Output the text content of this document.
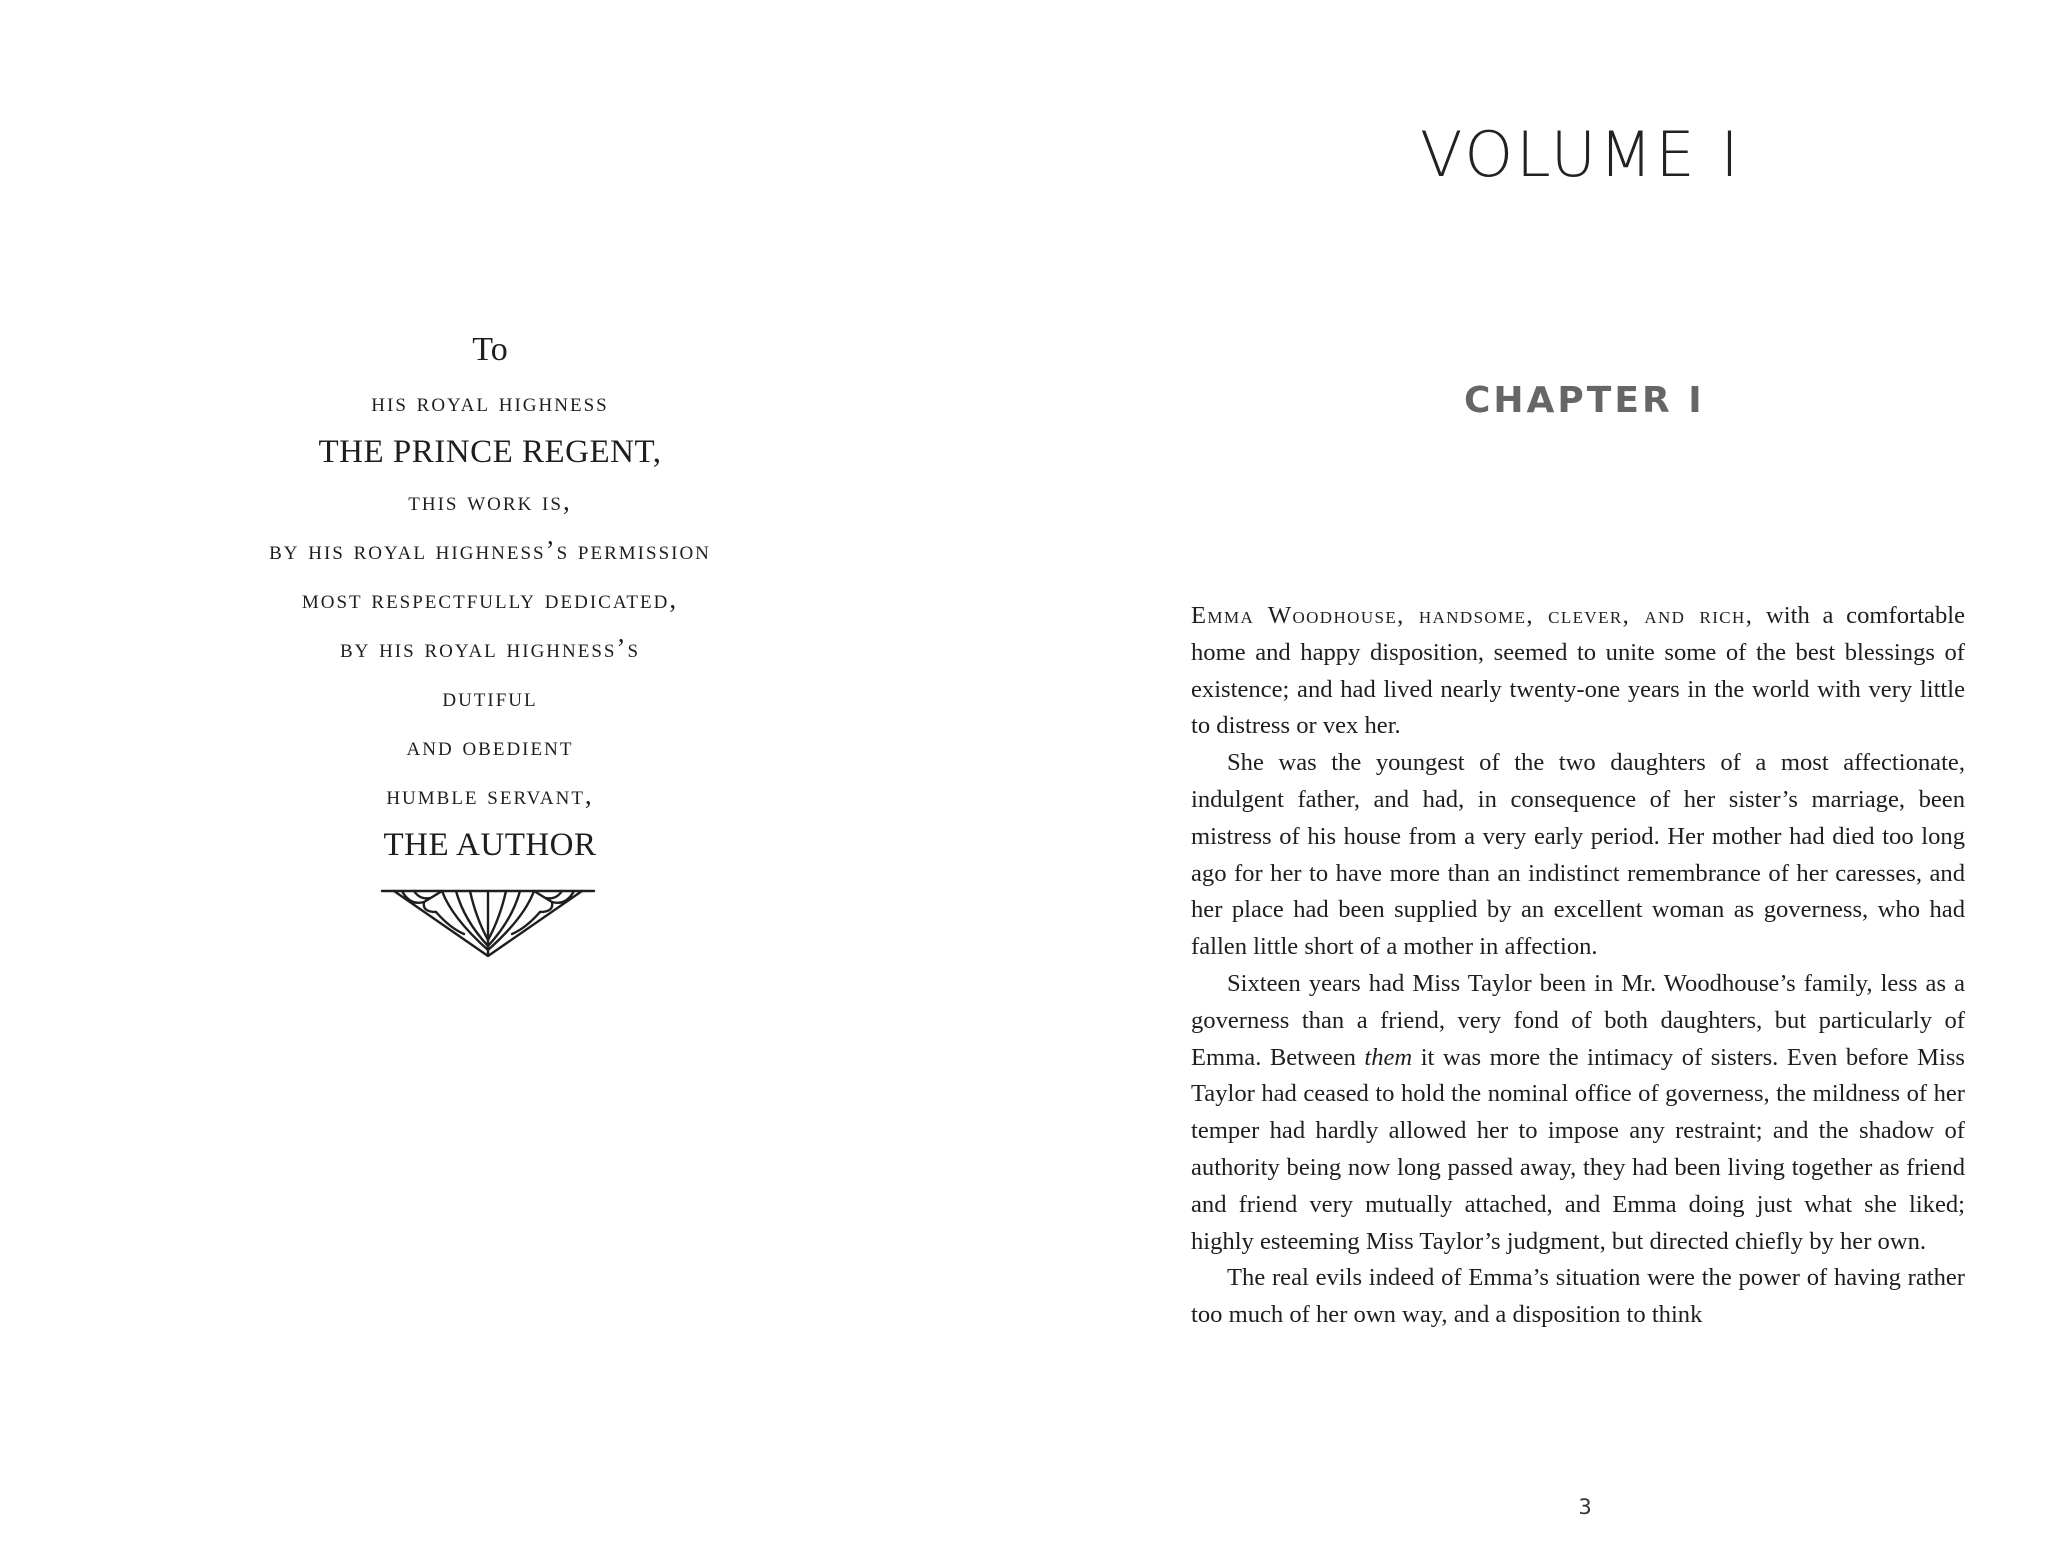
To
his royal highness
THE PRINCE REGENT,
this work is,
by his royal highness’s permission
most respectfully dedicated,
by his royal highness’s
dutiful
and obedient
humble servant,
THE AUTHOR
VOLUME I
CHAPTER I

Emma Woodhouse, handsome, clever, and rich, with a comfortable home and happy disposition, seemed to unite some of the best blessings of existence; and had lived nearly twenty-one years in the world with very little to distress or vex her.

She was the youngest of the two daughters of a most affectionate, indulgent father, and had, in consequence of her sister’s marriage, been mistress of his house from a very early period. Her mother had died too long ago for her to have more than an indistinct remembrance of her caresses, and her place had been supplied by an excellent woman as governess, who had fallen little short of a mother in affection.

Sixteen years had Miss Taylor been in Mr. Woodhouse’s family, less as a governess than a friend, very fond of both daughters, but particularly of Emma. Between them it was more the intimacy of sisters. Even before Miss Taylor had ceased to hold the nominal office of governess, the mildness of her temper had hardly allowed her to impose any restraint; and the shadow of authority being now long passed away, they had been living together as friend and friend very mutually attached, and Emma doing just what she liked; highly esteeming Miss Taylor’s judgment, but directed chiefly by her own.

The real evils indeed of Emma’s situation were the power of having rather too much of her own way, and a disposition to think

3
